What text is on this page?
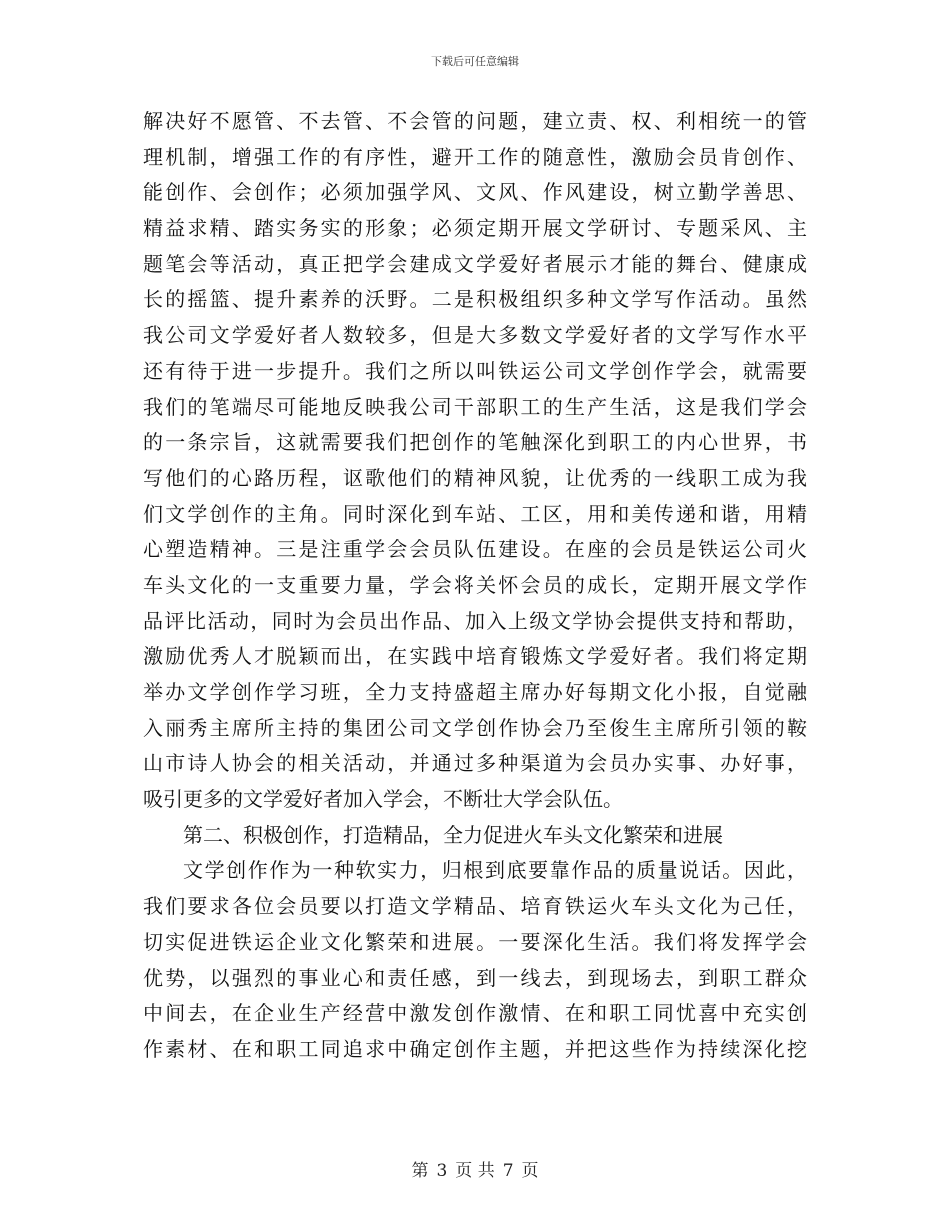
下载后可任意编辑
解决好不愿管、不去管、不会管的问题，建立责、权、利相统一的管
理机制，增强工作的有序性，避开工作的随意性，激励会员肯创作、
能创作、会创作；必须加强学风、文风、作风建设，树立勤学善思、
精益求精、踏实务实的形象；必须定期开展文学研讨、专题采风、主
题笔会等活动，真正把学会建成文学爱好者展示才能的舞台、健康成
长的摇篮、提升素养的沃野。二是积极组织多种文学写作活动。虽然
我公司文学爱好者人数较多，但是大多数文学爱好者的文学写作水平
还有待于进一步提升。我们之所以叫铁运公司文学创作学会，就需要
我们的笔端尽可能地反映我公司干部职工的生产生活，这是我们学会
的一条宗旨，这就需要我们把创作的笔触深化到职工的内心世界，书
写他们的心路历程，讴歌他们的精神风貌，让优秀的一线职工成为我
们文学创作的主角。同时深化到车站、工区，用和美传递和谐，用精
心塑造精神。三是注重学会会员队伍建设。在座的会员是铁运公司火
车头文化的一支重要力量，学会将关怀会员的成长，定期开展文学作
品评比活动，同时为会员出作品、加入上级文学协会提供支持和帮助，
激励优秀人才脱颖而出，在实践中培育锻炼文学爱好者。我们将定期
举办文学创作学习班，全力支持盛超主席办好每期文化小报，自觉融
入丽秀主席所主持的集团公司文学创作协会乃至俊生主席所引领的鞍
山市诗人协会的相关活动，并通过多种渠道为会员办实事、办好事，
吸引更多的文学爱好者加入学会，不断壮大学会队伍。
第二、积极创作，打造精品，全力促进火车头文化繁荣和进展
文学创作作为一种软实力，归根到底要靠作品的质量说话。因此，
我们要求各位会员要以打造文学精品、培育铁运火车头文化为己任，
切实促进铁运企业文化繁荣和进展。一要深化生活。我们将发挥学会
优势，以强烈的事业心和责任感，到一线去，到现场去，到职工群众
中间去，在企业生产经营中激发创作激情、在和职工同忧喜中充实创
作素材、在和职工同追求中确定创作主题，并把这些作为持续深化挖
第 3 页 共 7 页
